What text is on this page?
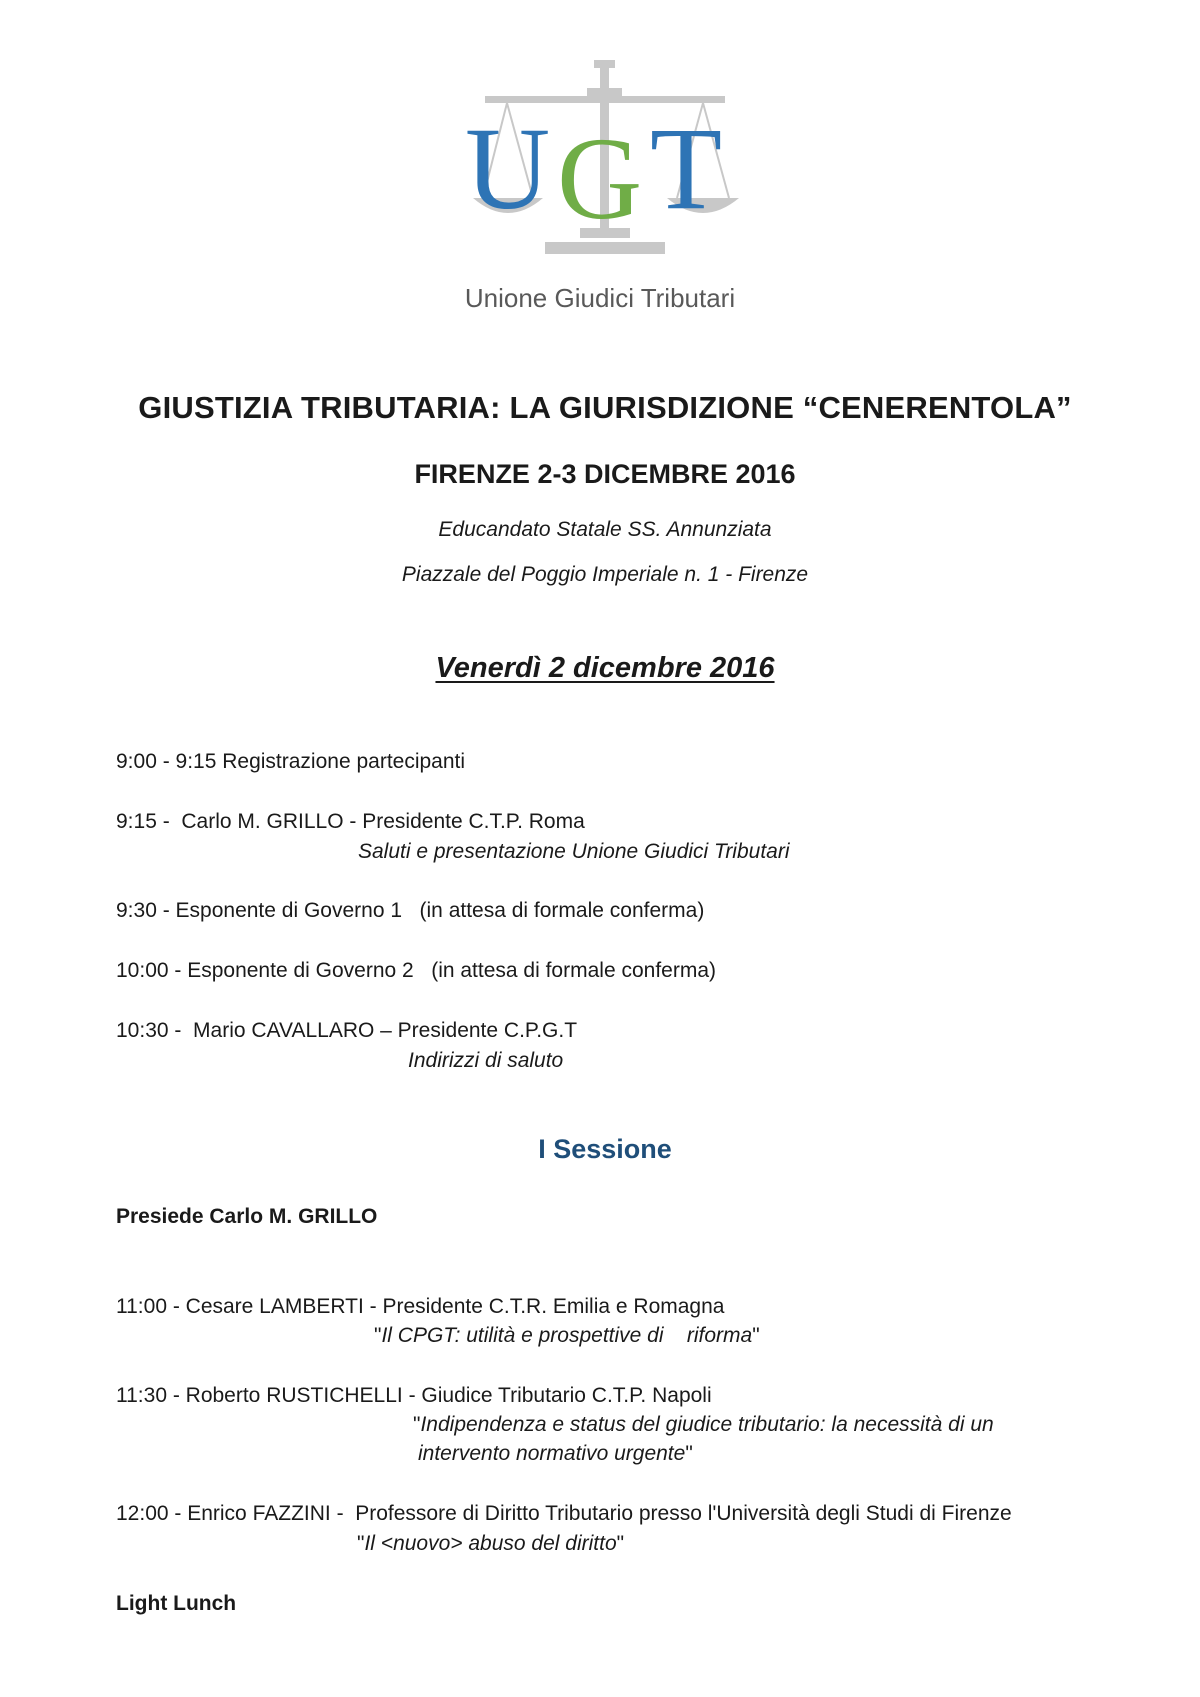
U G T
Unione Giudici Tributari
GIUSTIZIA TRIBUTARIA: LA GIURISDIZIONE “CENERENTOLA”
FIRENZE 2-3 DICEMBRE 2016
Educandato Statale SS. Annunziata
Piazzale del Poggio Imperiale n. 1 - Firenze
Venerdì 2 dicembre 2016
9:00 - 9:15 Registrazione partecipanti
9:15 -  Carlo M. GRILLO - Presidente C.T.P. Roma
Saluti e presentazione Unione Giudici Tributari
9:30 - Esponente di Governo 1   (in attesa di formale conferma)
10:00 - Esponente di Governo 2   (in attesa di formale conferma)
10:30 -  Mario CAVALLARO – Presidente C.P.G.T
Indirizzi di saluto
I Sessione
Presiede Carlo M. GRILLO
11:00 - Cesare LAMBERTI - Presidente C.T.R. Emilia e Romagna
"Il CPGT: utilità e prospettive di    riforma"
11:30 - Roberto RUSTICHELLI - Giudice Tributario C.T.P. Napoli
"Indipendenza e status del giudice tributario: la necessità di un
intervento normativo urgente"
12:00 - Enrico FAZZINI -  Professore di Diritto Tributario presso l'Università degli Studi di Firenze
"Il <nuovo> abuso del diritto"
Light Lunch
